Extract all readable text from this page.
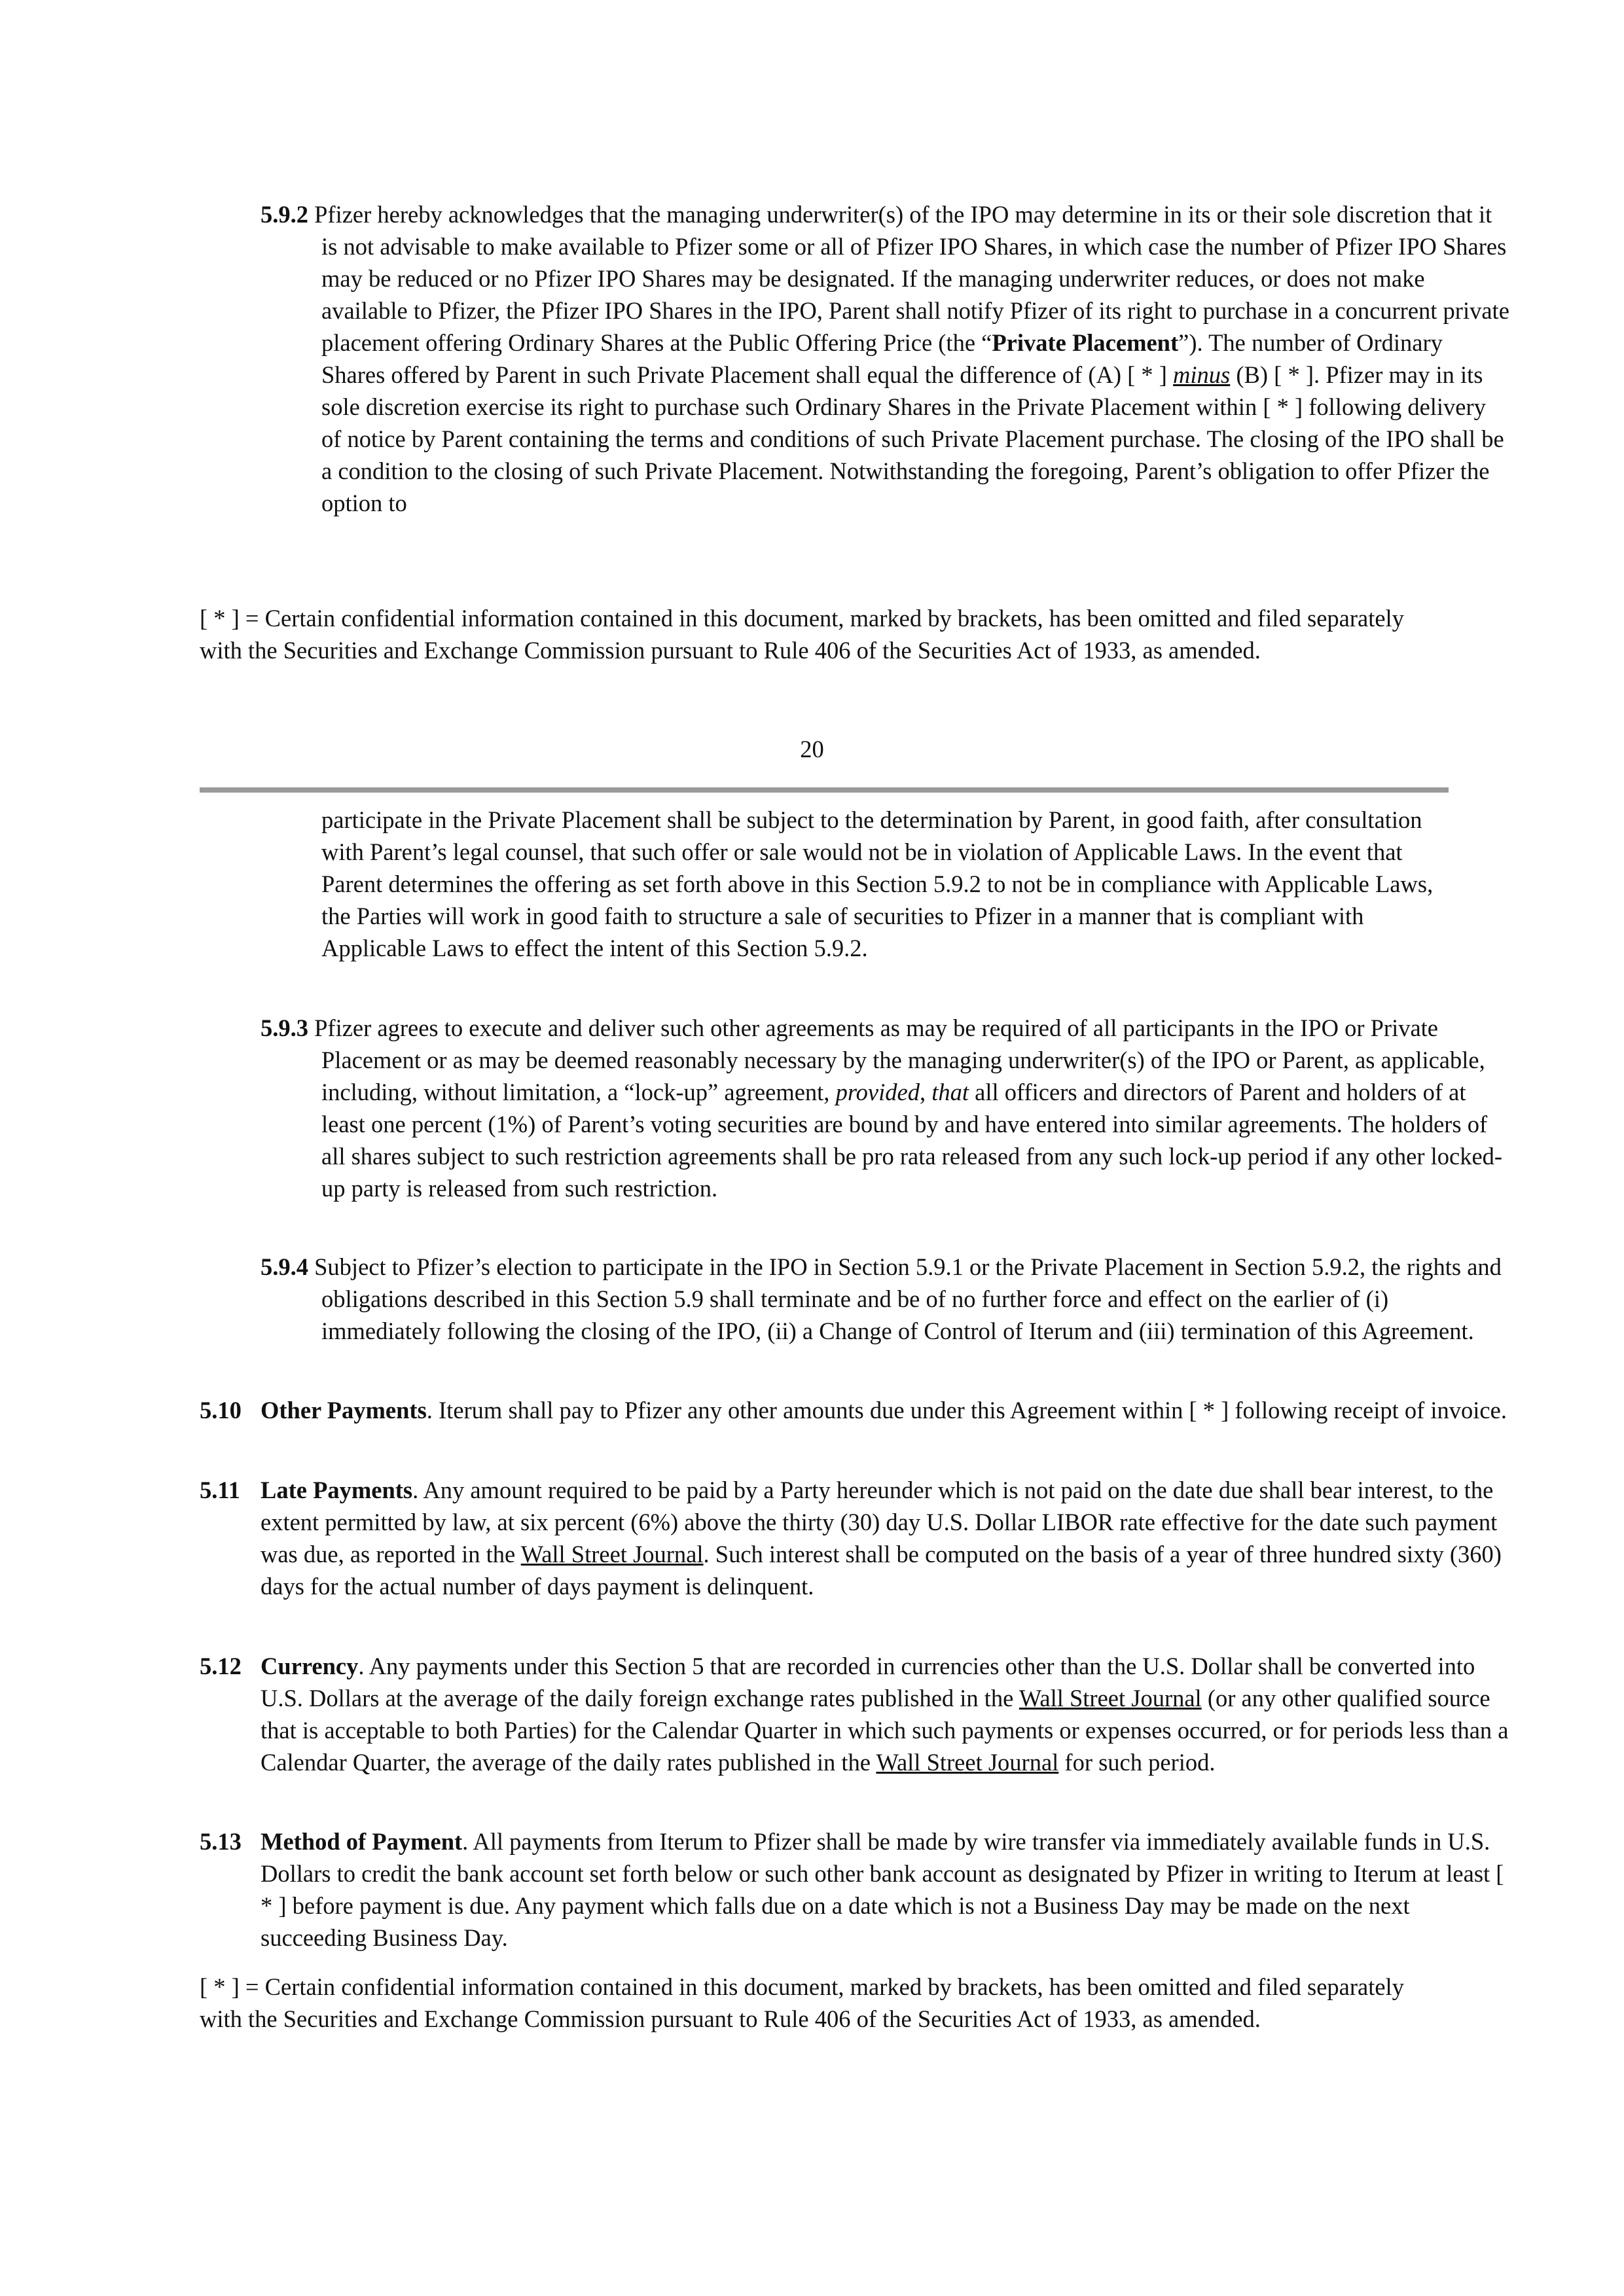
5.9.2 Pfizer hereby acknowledges that the managing underwriter(s) of the IPO may determine in its or their sole discretion that it is not advisable to make available to Pfizer some or all of Pfizer IPO Shares, in which case the number of Pfizer IPO Shares may be reduced or no Pfizer IPO Shares may be designated. If the managing underwriter reduces, or does not make available to Pfizer, the Pfizer IPO Shares in the IPO, Parent shall notify Pfizer of its right to purchase in a concurrent private placement offering Ordinary Shares at the Public Offering Price (the “Private Placement”). The number of Ordinary Shares offered by Parent in such Private Placement shall equal the difference of (A) [ * ] minus (B) [ * ]. Pfizer may in its sole discretion exercise its right to purchase such Ordinary Shares in the Private Placement within [ * ] following delivery of notice by Parent containing the terms and conditions of such Private Placement purchase. The closing of the IPO shall be a condition to the closing of such Private Placement. Notwithstanding the foregoing, Parent’s obligation to offer Pfizer the option to

[ * ] = Certain confidential information contained in this document, marked by brackets, has been omitted and filed separately with the Securities and Exchange Commission pursuant to Rule 406 of the Securities Act of 1933, as amended.

20

participate in the Private Placement shall be subject to the determination by Parent, in good faith, after consultation with Parent’s legal counsel, that such offer or sale would not be in violation of Applicable Laws. In the event that Parent determines the offering as set forth above in this Section 5.9.2 to not be in compliance with Applicable Laws, the Parties will work in good faith to structure a sale of securities to Pfizer in a manner that is compliant with Applicable Laws to effect the intent of this Section 5.9.2.

5.9.3 Pfizer agrees to execute and deliver such other agreements as may be required of all participants in the IPO or Private Placement or as may be deemed reasonably necessary by the managing underwriter(s) of the IPO or Parent, as applicable, including, without limitation, a “lock-up” agreement, provided, that all officers and directors of Parent and holders of at least one percent (1%) of Parent’s voting securities are bound by and have entered into similar agreements. The holders of all shares subject to such restriction agreements shall be pro rata released from any such lock-up period if any other locked-up party is released from such restriction.

5.9.4 Subject to Pfizer’s election to participate in the IPO in Section 5.9.1 or the Private Placement in Section 5.9.2, the rights and obligations described in this Section 5.9 shall terminate and be of no further force and effect on the earlier of (i) immediately following the closing of the IPO, (ii) a Change of Control of Iterum and (iii) termination of this Agreement.

5.10 Other Payments. Iterum shall pay to Pfizer any other amounts due under this Agreement within [ * ] following receipt of invoice.

5.11 Late Payments. Any amount required to be paid by a Party hereunder which is not paid on the date due shall bear interest, to the extent permitted by law, at six percent (6%) above the thirty (30) day U.S. Dollar LIBOR rate effective for the date such payment was due, as reported in the Wall Street Journal. Such interest shall be computed on the basis of a year of three hundred sixty (360) days for the actual number of days payment is delinquent.

5.12 Currency. Any payments under this Section 5 that are recorded in currencies other than the U.S. Dollar shall be converted into U.S. Dollars at the average of the daily foreign exchange rates published in the Wall Street Journal (or any other qualified source that is acceptable to both Parties) for the Calendar Quarter in which such payments or expenses occurred, or for periods less than a Calendar Quarter, the average of the daily rates published in the Wall Street Journal for such period.

5.13 Method of Payment. All payments from Iterum to Pfizer shall be made by wire transfer via immediately available funds in U.S. Dollars to credit the bank account set forth below or such other bank account as designated by Pfizer in writing to Iterum at least [ * ] before payment is due. Any payment which falls due on a date which is not a Business Day may be made on the next succeeding Business Day.

[ * ] = Certain confidential information contained in this document, marked by brackets, has been omitted and filed separately with the Securities and Exchange Commission pursuant to Rule 406 of the Securities Act of 1933, as amended.
